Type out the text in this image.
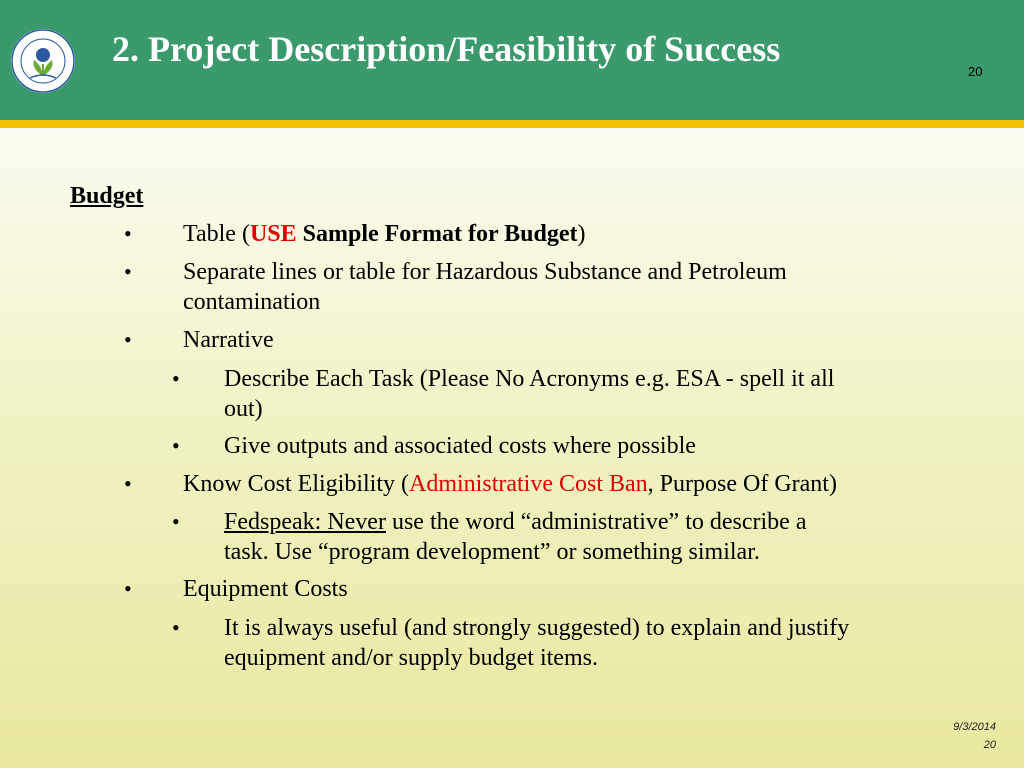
2. Project Description/Feasibility of Success
20
Budget
• Table (USE Sample Format for Budget)
• Separate lines or table for Hazardous Substance and Petroleum
contamination
• Narrative
• Describe Each Task (Please No Acronyms e.g. ESA - spell it all
out)
• Give outputs and associated costs where possible
• Know Cost Eligibility (Administrative Cost Ban, Purpose Of Grant)
• Fedspeak: Never use the word “administrative” to describe a
task. Use “program development” or something similar.
• Equipment Costs
• It is always useful (and strongly suggested) to explain and justify
equipment and/or supply budget items.
9/3/2014
20
